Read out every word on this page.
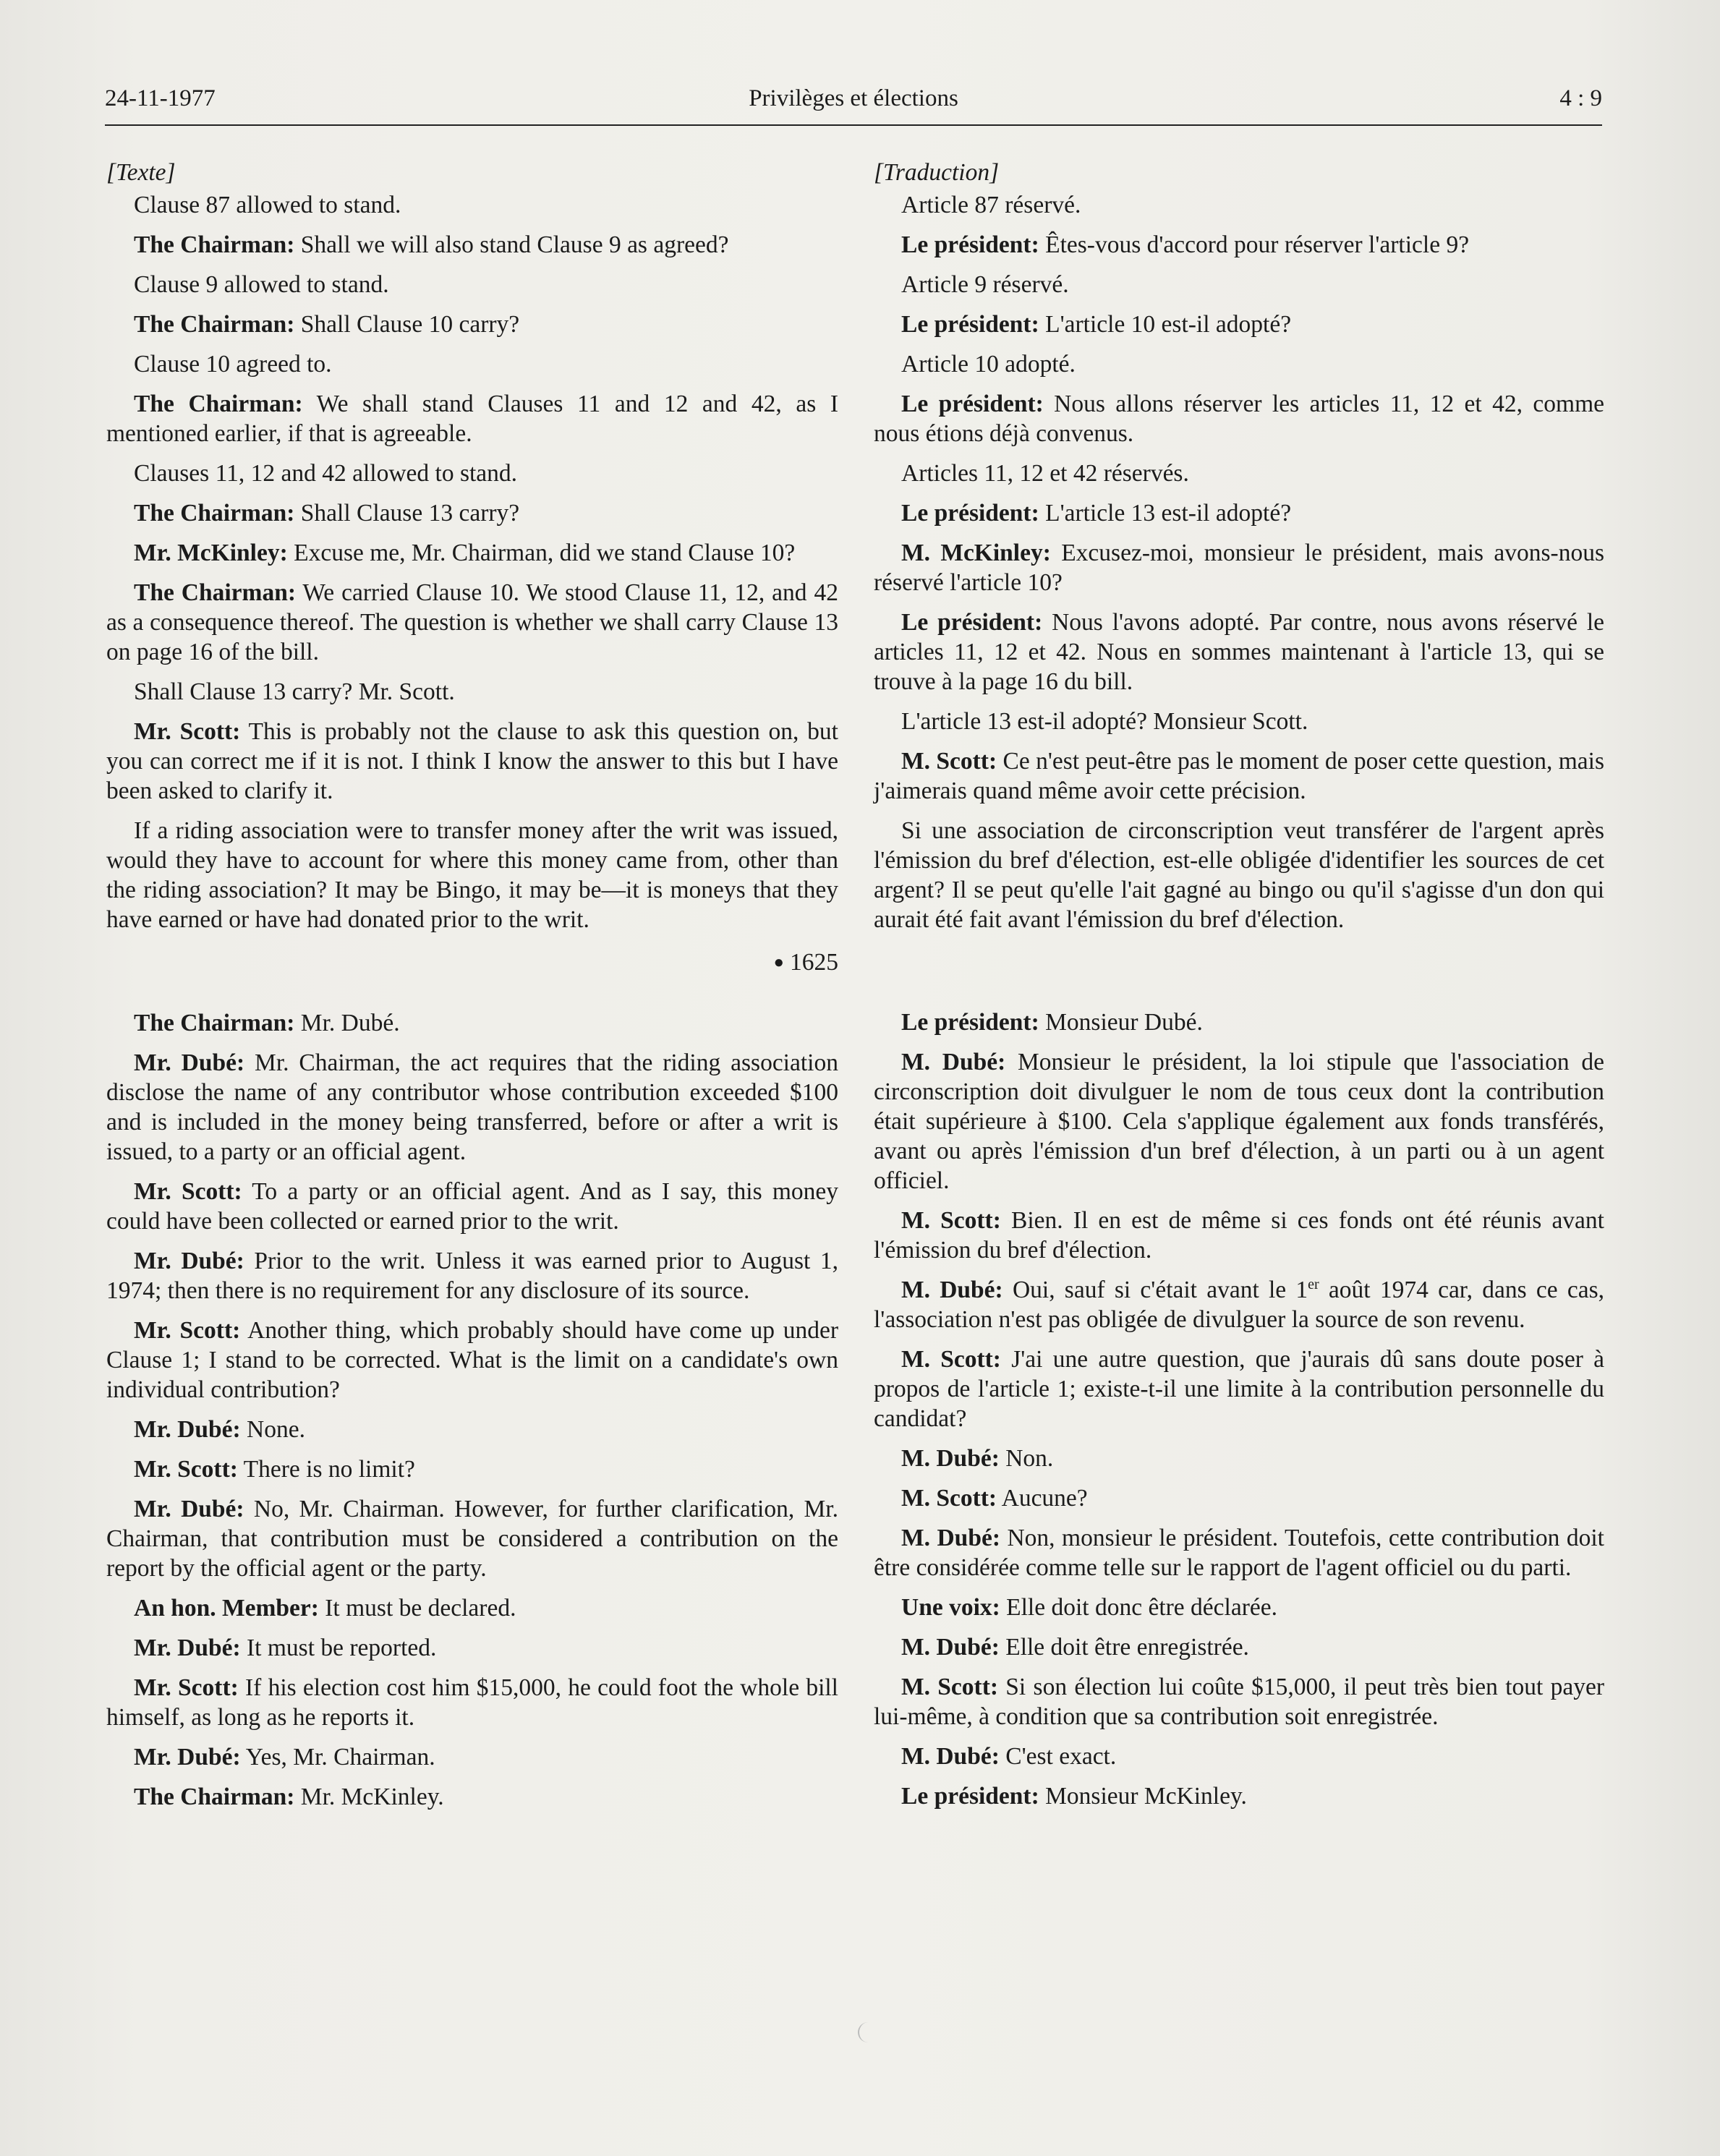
24-11-1977	Privilèges et élections	4 : 9

[Texte]

Clause 87 allowed to stand.

The Chairman: Shall we will also stand Clause 9 as agreed?

Clause 9 allowed to stand.

The Chairman: Shall Clause 10 carry?

Clause 10 agreed to.

The Chairman: We shall stand Clauses 11 and 12 and 42, as I mentioned earlier, if that is agreeable.

Clauses 11, 12 and 42 allowed to stand.

The Chairman: Shall Clause 13 carry?

Mr. McKinley: Excuse me, Mr. Chairman, did we stand Clause 10?

The Chairman: We carried Clause 10. We stood Clause 11, 12, and 42 as a consequence thereof. The question is whether we shall carry Clause 13 on page 16 of the bill.

Shall Clause 13 carry? Mr. Scott.

Mr. Scott: This is probably not the clause to ask this question on, but you can correct me if it is not. I think I know the answer to this but I have been asked to clarify it.

If a riding association were to transfer money after the writ was issued, would they have to account for where this money came from, other than the riding association? It may be Bingo, it may be—it is moneys that they have earned or have had donated prior to the writ.

● 1625

The Chairman: Mr. Dubé.

Mr. Dubé: Mr. Chairman, the act requires that the riding association disclose the name of any contributor whose contribution exceeded $100 and is included in the money being transferred, before or after a writ is issued, to a party or an official agent.

Mr. Scott: To a party or an official agent. And as I say, this money could have been collected or earned prior to the writ.

Mr. Dubé: Prior to the writ. Unless it was earned prior to August 1, 1974; then there is no requirement for any disclosure of its source.

Mr. Scott: Another thing, which probably should have come up under Clause 1; I stand to be corrected. What is the limit on a candidate's own individual contribution?

Mr. Dubé: None.

Mr. Scott: There is no limit?

Mr. Dubé: No, Mr. Chairman. However, for further clarification, Mr. Chairman, that contribution must be considered a contribution on the report by the official agent or the party.

An hon. Member: It must be declared.

Mr. Dubé: It must be reported.

Mr. Scott: If his election cost him $15,000, he could foot the whole bill himself, as long as he reports it.

Mr. Dubé: Yes, Mr. Chairman.

The Chairman: Mr. McKinley.

[Traduction]

Article 87 réservé.

Le président: Êtes-vous d'accord pour réserver l'article 9?

Article 9 réservé.

Le président: L'article 10 est-il adopté?

Article 10 adopté.

Le président: Nous allons réserver les articles 11, 12 et 42, comme nous étions déjà convenus.

Articles 11, 12 et 42 réservés.

Le président: L'article 13 est-il adopté?

M. McKinley: Excusez-moi, monsieur le président, mais avons-nous réservé l'article 10?

Le président: Nous l'avons adopté. Par contre, nous avons réservé le articles 11, 12 et 42. Nous en sommes maintenant à l'article 13, qui se trouve à la page 16 du bill.

L'article 13 est-il adopté? Monsieur Scott.

M. Scott: Ce n'est peut-être pas le moment de poser cette question, mais j'aimerais quand même avoir cette précision.

Si une association de circonscription veut transférer de l'argent après l'émission du bref d'élection, est-elle obligée d'identifier les sources de cet argent? Il se peut qu'elle l'ait gagné au bingo ou qu'il s'agisse d'un don qui aurait été fait avant l'émission du bref d'élection.

Le président: Monsieur Dubé.

M. Dubé: Monsieur le président, la loi stipule que l'association de circonscription doit divulguer le nom de tous ceux dont la contribution était supérieure à $100. Cela s'applique également aux fonds transférés, avant ou après l'émission d'un bref d'élection, à un parti ou à un agent officiel.

M. Scott: Bien. Il en est de même si ces fonds ont été réunis avant l'émission du bref d'élection.

M. Dubé: Oui, sauf si c'était avant le 1er août 1974 car, dans ce cas, l'association n'est pas obligée de divulguer la source de son revenu.

M. Scott: J'ai une autre question, que j'aurais dû sans doute poser à propos de l'article 1; existe-t-il une limite à la contribution personnelle du candidat?

M. Dubé: Non.

M. Scott: Aucune?

M. Dubé: Non, monsieur le président. Toutefois, cette contribution doit être considérée comme telle sur le rapport de l'agent officiel ou du parti.

Une voix: Elle doit donc être déclarée.

M. Dubé: Elle doit être enregistrée.

M. Scott: Si son élection lui coûte $15,000, il peut très bien tout payer lui-même, à condition que sa contribution soit enregistrée.

M. Dubé: C'est exact.

Le président: Monsieur McKinley.
